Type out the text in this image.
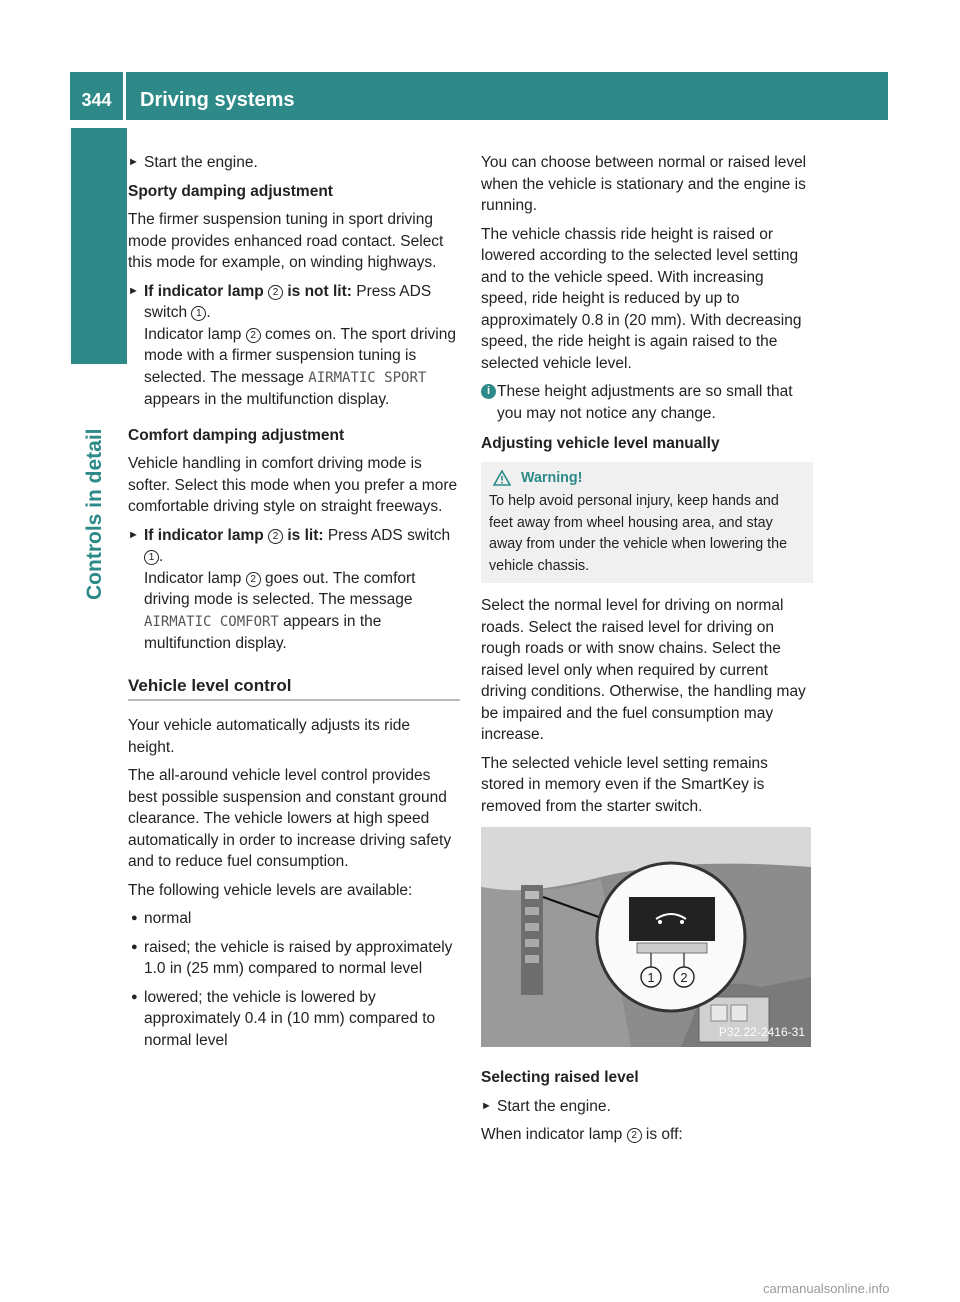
344	Driving systems
Controls in detail
► Start the engine.

Sporty damping adjustment

The firmer suspension tuning in sport driving mode provides enhanced road contact. Select this mode for example, on winding highways.

► If indicator lamp 2 is not lit: Press ADS switch 1 .
Indicator lamp 2 comes on. The sport driving mode with a firmer suspension tuning is selected. The message AIRMATIC SPORT appears in the multifunction display.

Comfort damping adjustment

Vehicle handling in comfort driving mode is softer. Select this mode when you prefer a more comfortable driving style on straight freeways.

► If indicator lamp 2 is lit: Press ADS switch
1 .
Indicator lamp 2 goes out. The comfort driving mode is selected. The message AIRMATIC COMFORT appears in the multifunction display.
Vehicle level control

Your vehicle automatically adjusts its ride height.

The all-around vehicle level control provides best possible suspension and constant ground clearance. The vehicle lowers at high speed automatically in order to increase driving safety and to reduce fuel consumption.

The following vehicle levels are available:

● normal
● raised; the vehicle is raised by approximately 1.0 in (25 mm) compared to normal level
● lowered; the vehicle is lowered by approximately 0.4 in (10 mm) compared to normal level

You can choose between normal or raised level when the vehicle is stationary and the engine is running.

The vehicle chassis ride height is raised or lowered according to the selected level setting and to the vehicle speed. With increasing speed, ride height is reduced by up to approximately 0.8 in (20 mm). With decreasing speed, the ride height is again raised to the selected vehicle level.

i These height adjustments are so small that you may not notice any change.

Adjusting vehicle level manually

Warning!
To help avoid personal injury, keep hands and feet away from wheel housing area, and stay away from under the vehicle when lowering the vehicle chassis.

Select the normal level for driving on normal roads. Select the raised level for driving on rough roads or with snow chains. Select the raised level only when required by current driving conditions. Otherwise, the handling may be impaired and the fuel consumption may increase.

The selected vehicle level setting remains stored in memory even if the SmartKey is removed from the starter switch.

1 2
P32.22-2416-31

Selecting raised level

► Start the engine.

When indicator lamp 2 is off:

carmanualsonline.info
